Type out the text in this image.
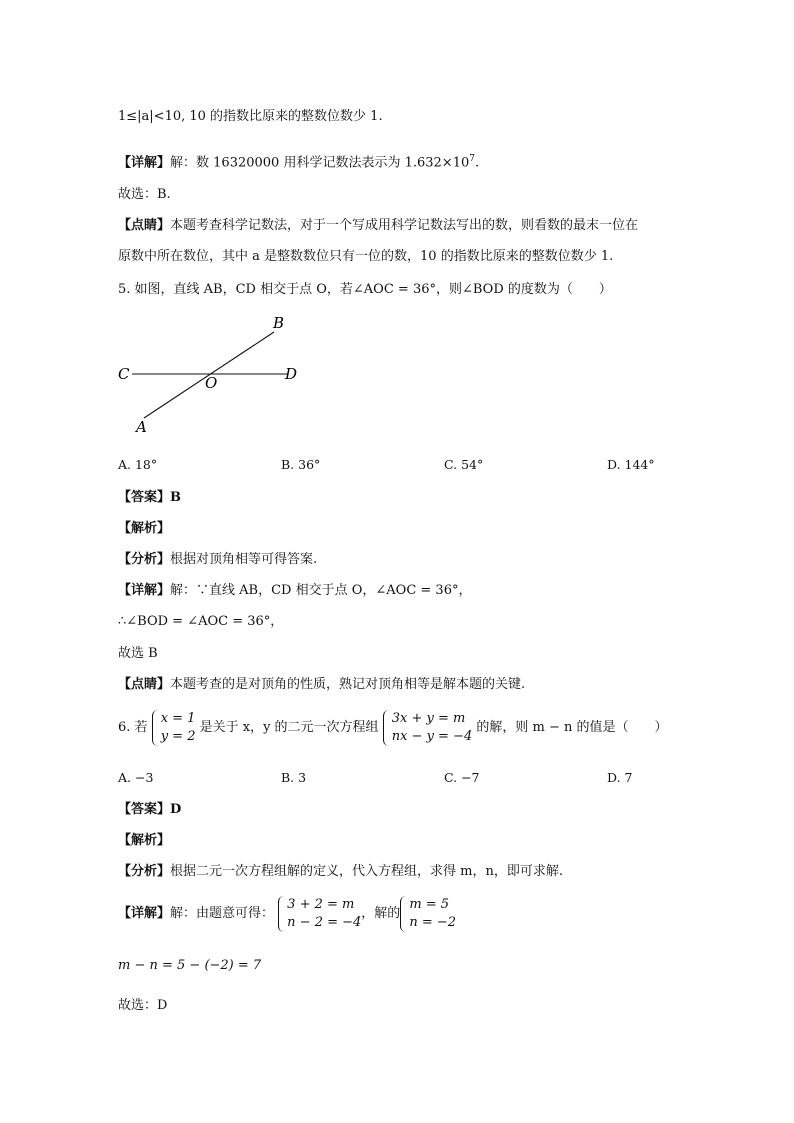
1≤|a|<10, 10 的指数比原来的整数位数少 1.
【详解】解：数 16320000 用科学记数法表示为 $1.632\times 10^7$.
故选：B.
【点睛】本题考查科学记数法，对于一个写成用科学记数法写出的数，则看数的最末一位在
原数中所在数位，其中 a 是整数数位只有一位的数，10 的指数比原来的整数位数少 1.
5. 如图，直线 AB，CD 相交于点 O，若∠AOC = 36°，则∠BOD 的度数为（　　）
B
C	O	D
A
A. 18°	B. 36°	C. 54°	D. 144°
【答案】B
【解析】
【分析】根据对顶角相等可得答案.
【详解】解：∵直线 AB，CD 相交于点 O，∠AOC = 36°，
∴∠BOD = ∠AOC = 36°，
故选 B
【点睛】本题考查的是对顶角的性质，熟记对顶角相等是解本题的关键.
6. 若
x = 1
y = 2
是关于 x，y 的二元一次方程组
3x + y = m
nx − y = −4
的解，则 m − n 的值是（　　）
A. −3	B. 3	C. −7	D. 7
【答案】D
【解析】
【分析】根据二元一次方程组解的定义，代入方程组，求得 m，n，即可求解.
【详解】解：由题意可得：
3 + 2 = m
n − 2 = −4
，解的
m = 5
n = −2
m − n = 5 − (−2) = 7
故选：D
